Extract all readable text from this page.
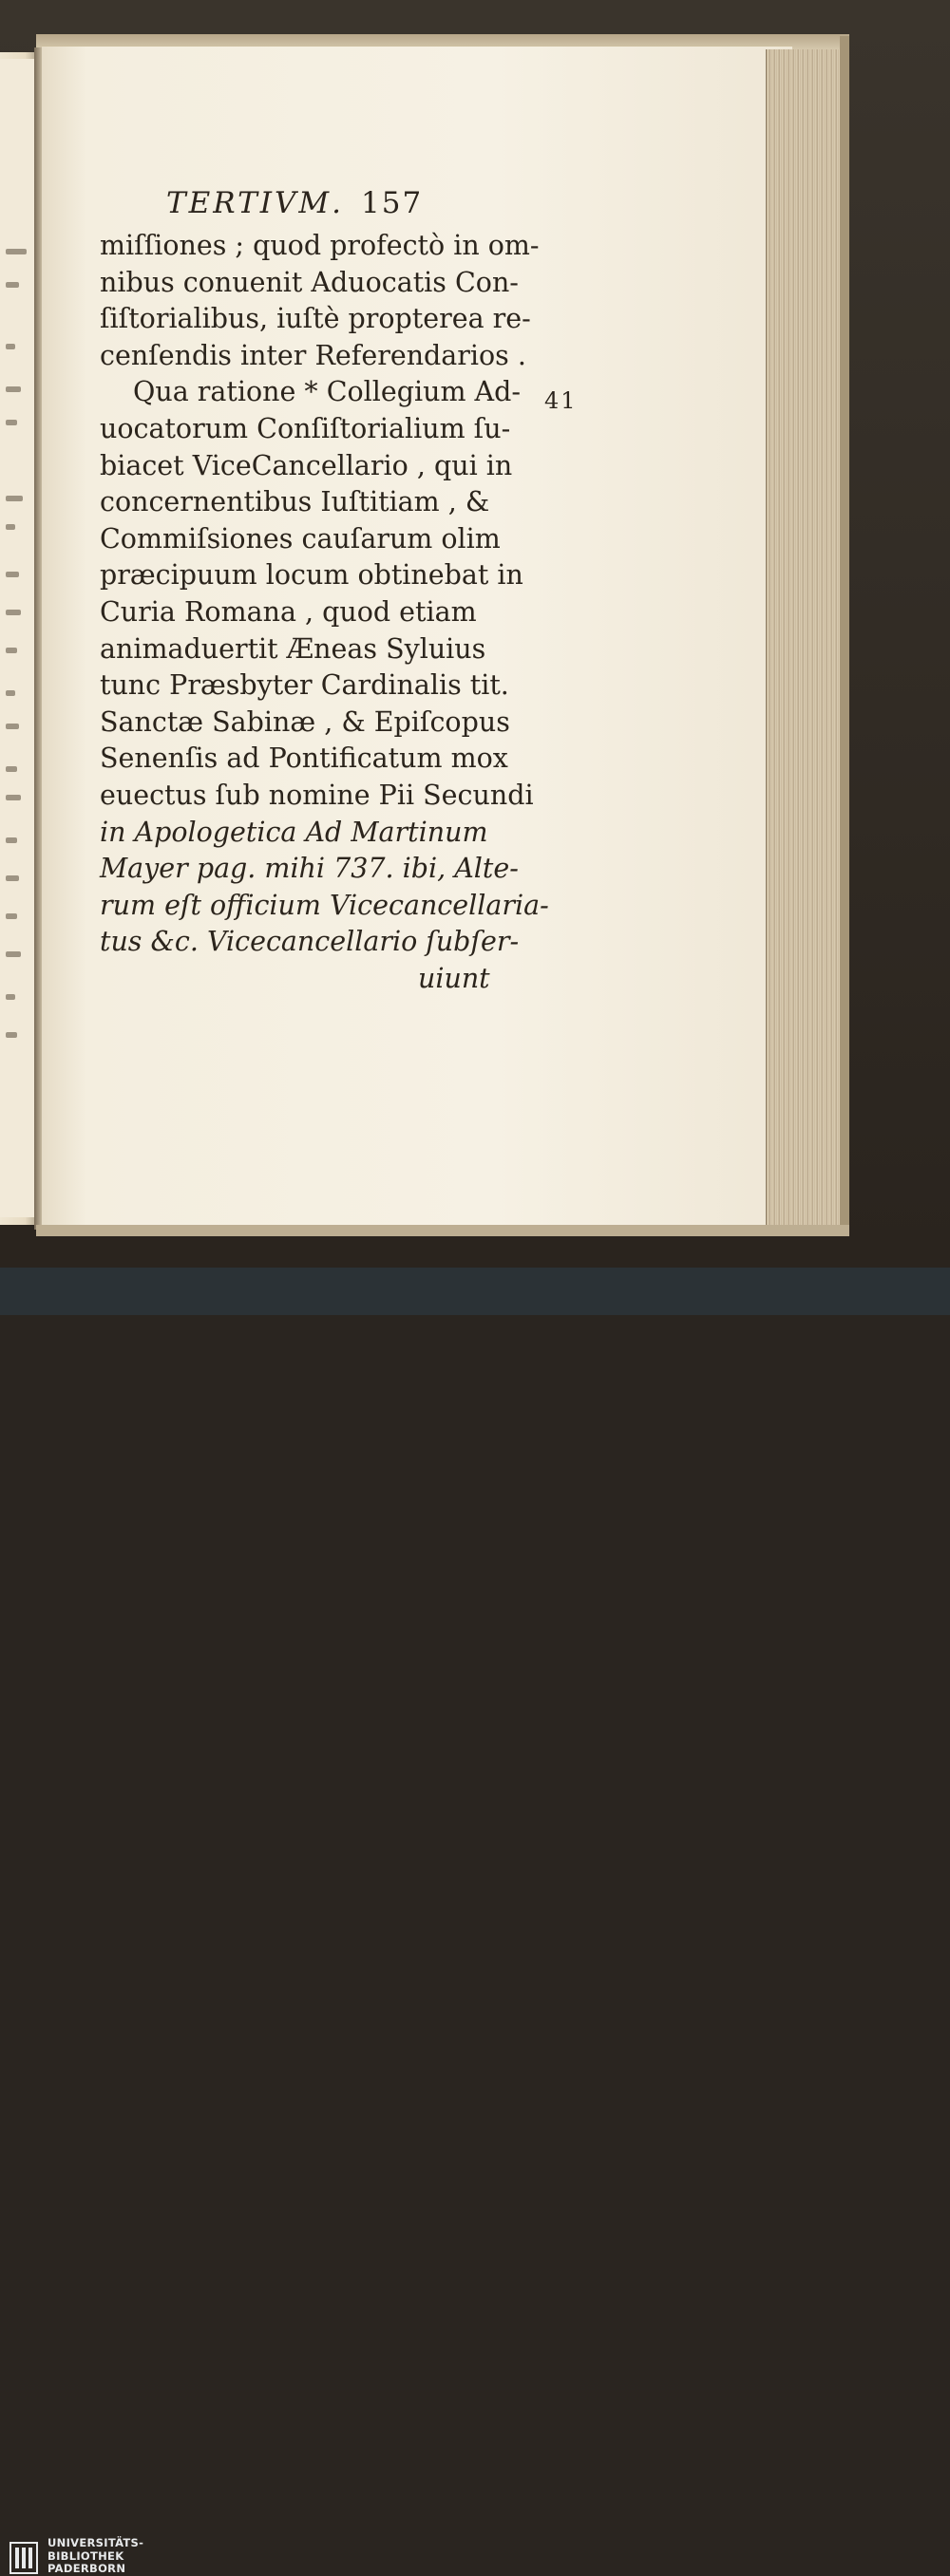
TERTIVM. 157
miſſiones ; quod profectò in om-
nibus conuenit Aduocatis Con-
ſiſtorialibus, iuſtè propterea re-
cenſendis inter Referendarios .
Qua ratione * Collegium Ad-
uocatorum Conſiſtorialium ſu-
biacet ViceCancellario , qui in
concernentibus Iuſtitiam , &
Commiſsiones cauſarum olim
præcipuum locum obtinebat in
Curia Romana , quod etiam
animaduertit Æneas Syluius
tunc Præsbyter Cardinalis tit.
Sanctæ Sabinæ , & Epiſcopus
Senenſis ad Pontificatum mox
euectus ſub nomine Pii Secundi
in Apologetica Ad Martinum
Mayer pag. mihi 737. ibi, Alte-
rum eſt officium Vicecancellaria-
tus &c. Vicecancellario ſubſer-
uiunt
41
UNIVERSITÄTS-
BIBLIOTHEK
PADERBORN
